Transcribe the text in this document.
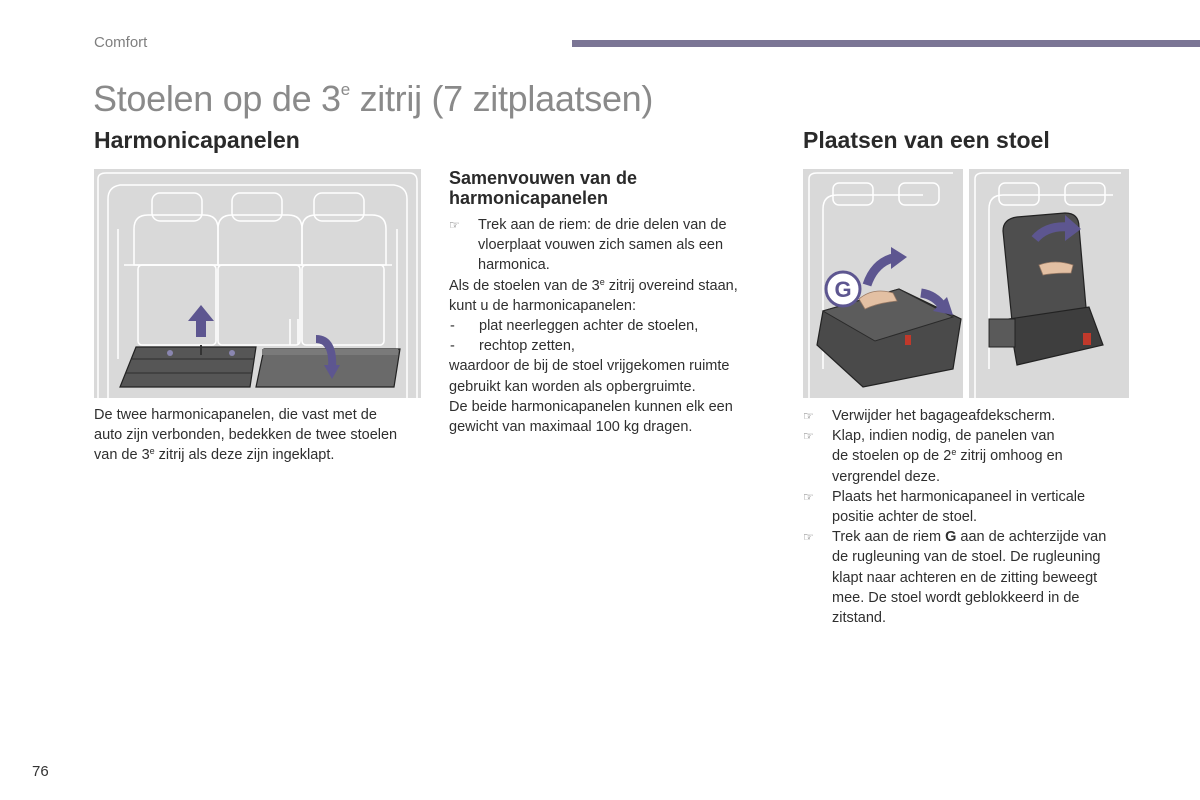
Comfort
Stoelen op de 3e zitrij (7 zitplaatsen)
Harmonicapanelen

De twee harmonicapanelen, die vast met de

auto zijn verbonden, bedekken de twee stoelen

van de 3e zitrij als deze zijn ingeklapt.

Samenvouwen van de
harmonicapanelen
☞	Trek aan de riem: de drie delen van de
vloerplaat vouwen zich samen als een
harmonica.

Als de stoelen van de 3e zitrij overeind staan,

kunt u de harmonicapanelen:

-	plat neerleggen achter de stoelen,
-	rechtop zetten,

waardoor de bij de stoel vrijgekomen ruimte

gebruikt kan worden als opbergruimte.

De beide harmonicapanelen kunnen elk een

gewicht van maximaal 100 kg dragen.

Plaatsen van een stoel
G
☞	Verwijder het bagageafdekscherm.
☞	Klap, indien nodig, de panelen van
de stoelen op de 2e zitrij omhoog en
vergrendel deze.
☞	Plaats het harmonicapaneel in verticale
positie achter de stoel.
☞	Trek aan de riem G aan de achterzijde van
de rugleuning van de stoel. De rugleuning
klapt naar achteren en de zitting beweegt
mee. De stoel wordt geblokkeerd in de
zitstand.
76
